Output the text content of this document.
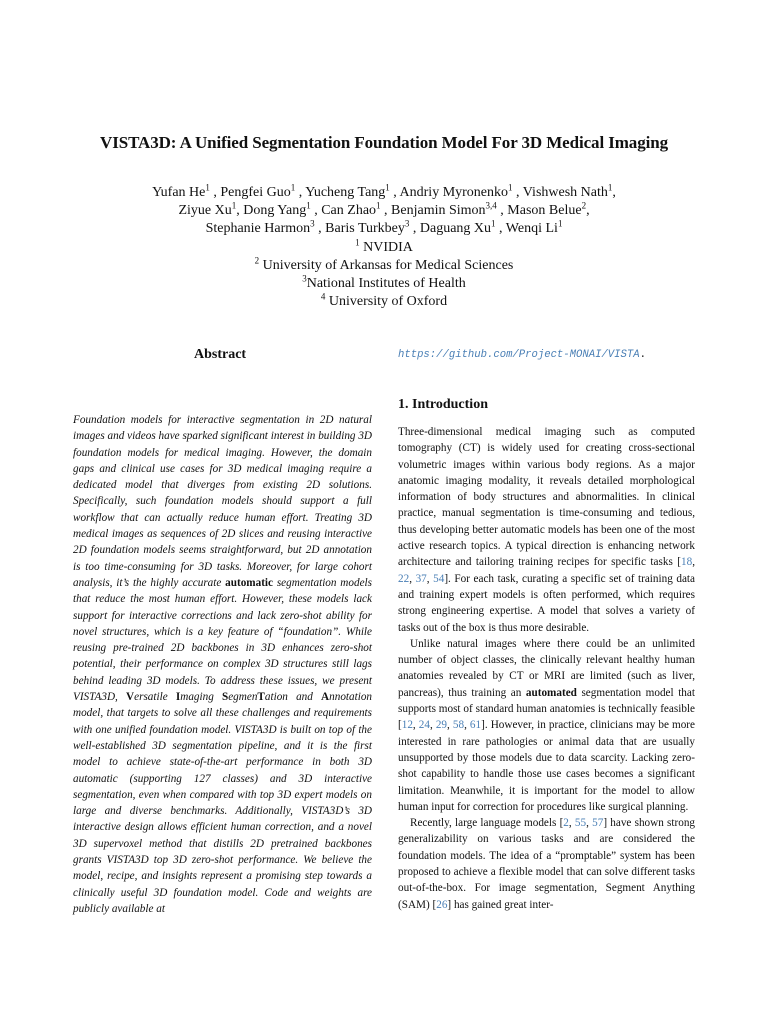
VISTA3D: A Unified Segmentation Foundation Model For 3D Medical Imaging
Yufan He$^1$ , Pengfei Guo$^1$ , Yucheng Tang$^1$ , Andriy Myronenko$^1$ , Vishwesh Nath$^1$,
Ziyue Xu$^1$, Dong Yang$^1$ , Can Zhao$^1$ , Benjamin Simon$^{3,4}$ , Mason Belue$^2$,
Stephanie Harmon$^3$ , Baris Turkbey$^3$ , Daguang Xu$^1$ , Wenqi Li$^1$
$^1$ NVIDIA
$^2$ University of Arkansas for Medical Sciences
$^3$National Institutes of Health
$^4$ University of Oxford
Abstract
Foundation models for interactive segmentation in 2D natural images and videos have sparked significant interest in building 3D foundation models for medical imaging. However, the domain gaps and clinical use cases for 3D medical imaging require a dedicated model that diverges from existing 2D solutions. Specifically, such foundation models should support a full workflow that can actually reduce human effort. Treating 3D medical images as sequences of 2D slices and reusing interactive 2D foundation models seems straightforward, but 2D annotation is too time-consuming for 3D tasks. Moreover, for large cohort analysis, it’s the highly accurate automatic segmentation models that reduce the most human effort. However, these models lack support for interactive corrections and lack zero-shot ability for novel structures, which is a key feature of “foundation”. While reusing pre-trained 2D backbones in 3D enhances zero-shot potential, their performance on complex 3D structures still lags behind leading 3D models. To address these issues, we present VISTA3D, Versatile Imaging SegmenTation and Annotation model, that targets to solve all these challenges and requirements with one unified foundation model. VISTA3D is built on top of the well-established 3D segmentation pipeline, and it is the first model to achieve state-of-the-art performance in both 3D automatic (supporting 127 classes) and 3D interactive segmentation, even when compared with top 3D expert models on large and diverse benchmarks. Additionally, VISTA3D’s 3D interactive design allows efficient human correction, and a novel 3D supervoxel method that distills 2D pretrained backbones grants VISTA3D top 3D zero-shot performance. We believe the model, recipe, and insights represent a promising step towards a clinically useful 3D foundation model. Code and weights are publicly available at
https://github.com/Project-MONAI/VISTA.
1. Introduction

Three-dimensional medical imaging such as computed tomography (CT) is widely used for creating cross-sectional volumetric images within various body regions. As a major anatomic imaging modality, it reveals detailed morphological information of body structures and abnormalities. In clinical practice, manual segmentation is time-consuming and tedious, thus developing better automatic models has been one of the most active research topics. A typical direction is enhancing network architecture and tailoring training recipes for specific tasks [18, 22, 37, 54]. For each task, curating a specific set of training data and training expert models is often performed, which requires strong engineering expertise. A model that solves a variety of tasks out of the box is thus more desirable.

Unlike natural images where there could be an unlimited number of object classes, the clinically relevant healthy human anatomies revealed by CT or MRI are limited (such as liver, pancreas), thus training an automated segmentation model that supports most of standard human anatomies is technically feasible [12, 24, 29, 58, 61]. However, in practice, clinicians may be more interested in rare pathologies or animal data that are usually unsupported by those models due to data scarcity. Lacking zero-shot capability to handle those use cases becomes a significant limitation. Meanwhile, it is important for the model to allow human input for correction for procedures like surgical planning.

Recently, large language models [2, 55, 57] have shown strong generalizability on various tasks and are considered the foundation models. The idea of a “promptable” system has been proposed to achieve a flexible model that can solve different tasks out-of-the-box. For image segmentation, Segment Anything (SAM) [26] has gained great inter-
